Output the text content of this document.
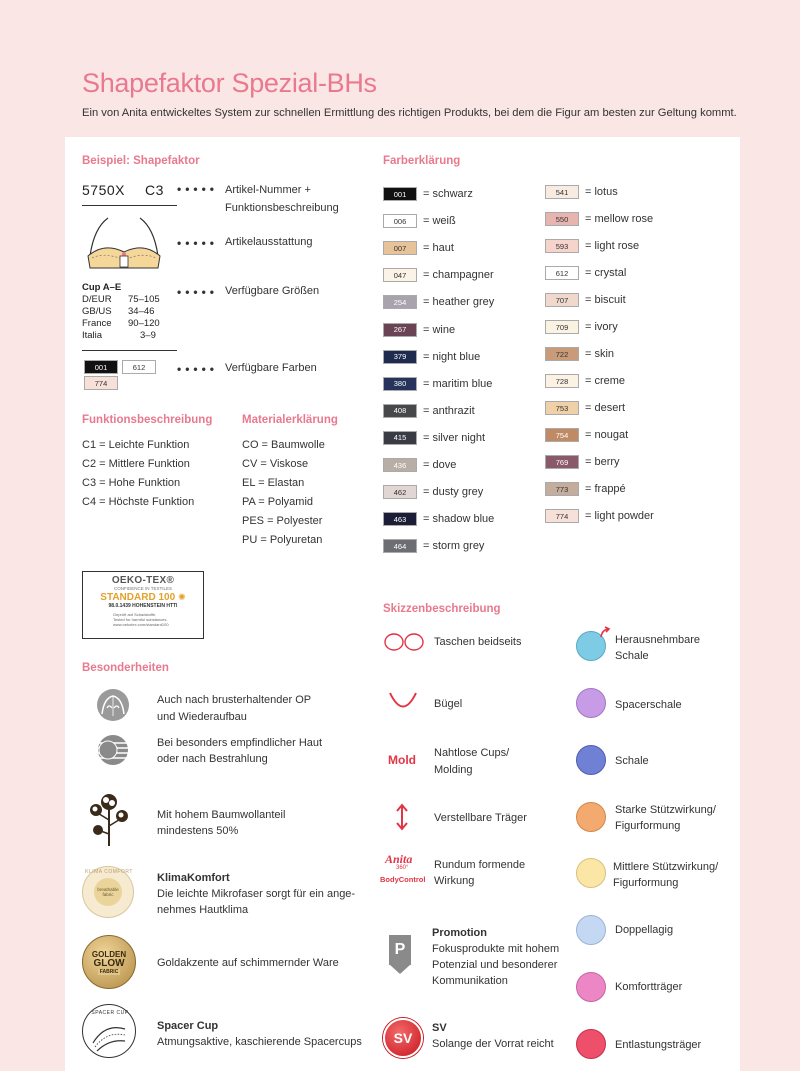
Shapefaktor Spezial-BHs

Ein von Anita entwickeltes System zur schnellen Ermittlung des richtigen Produkts, bei dem die Figur am besten zur Geltung kommt.

Beispiel: Shapefaktor
5750X C3 ••••• Artikel-Nummer +
Funktionsbeschreibung
••••• Artikelausstattung
Cup A–E
D/EUR	75–105
GB/US	34–46
France	90–120
Italia	3–9
••••• Verfügbare Größen
001	612
774
••••• Verfügbare Farben
Funktionsbeschreibung
C1 = Leichte Funktion
C2 = Mittlere Funktion
C3 = Hohe Funktion
C4 = Höchste Funktion
Materialerklärung
CO = Baumwolle
CV = Viskose
EL = Elastan
PA = Polyamid
PES = Polyester
PU = Polyuretan
OEKO-TEX®
CONFIDENCE IN TEXTILES
STANDARD 100 ✺
98.0.1439 HOHENSTEIN HTTI
Geprüft auf Schadstoffe.
Tested for harmful substances.
www.oekotex.com/standard100
Besonderheiten
Auch nach brusterhaltender OP
und Wiederaufbau
Bei besonders empfindlicher Haut
oder nach Bestrahlung
Mit hohem Baumwollanteil
mindestens 50%
KLIMA COMFORT
breathable fabric
KlimaKomfort
Die leichte Mikrofaser sorgt für ein ange-
nehmes Hautklima
GOLDEN
GLOW
FABRIC
Goldakzente auf schimmernder Ware
SPACER CUP
Spacer Cup
Atmungsaktive, kaschierende Spacercups
Farberklärung
001	= schwarz
006	= weiß
007	= haut
047	= champagner
254	= heather grey
267	= wine
379	= night blue
380	= maritim blue
408	= anthrazit
415	= silver night
436	= dove
462	= dusty grey
463	= shadow blue
464	= storm grey
541	= lotus
550	= mellow rose
593	= light rose
612	= crystal
707	= biscuit
709	= ivory
722	= skin
728	= creme
753	= desert
754	= nougat
769	= berry
773	= frappé
774	= light powder
Skizzenbeschreibung
Taschen beidseits
Bügel
Mold Nahtlose Cups/
Molding
Verstellbare Träger
Anita
360°
BodyControl
Rundum formende
Wirkung
P
Promotion
Fokusprodukte mit hohem
Potenzial und besonderer
Kommunikation
SV
SV
Solange der Vorrat reicht
Herausnehmbare
Schale
Spacerschale
Schale
Starke Stützwirkung/
Figurformung
Mittlere Stützwirkung/
Figurformung
Doppellagig
Komfortträger
Entlastungsträger
